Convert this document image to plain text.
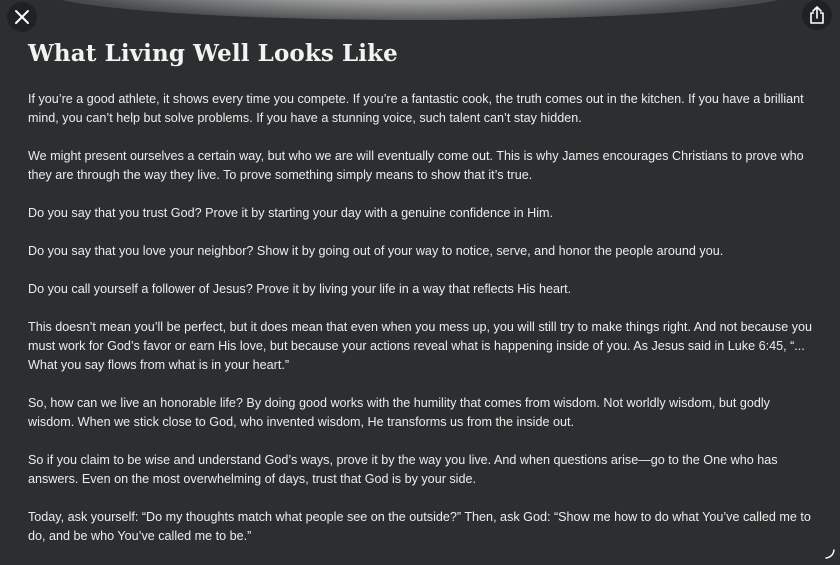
What Living Well Looks Like

If you’re a good athlete, it shows every time you compete. If you’re a fantastic cook, the truth comes out in the kitchen. If you have a brilliant mind, you can’t help but solve problems. If you have a stunning voice, such talent can’t stay hidden.

We might present ourselves a certain way, but who we are will eventually come out. This is why James encourages Christians to prove who they are through the way they live. To prove something simply means to show that it’s true.

Do you say that you trust God? Prove it by starting your day with a genuine confidence in Him.

Do you say that you love your neighbor? Show it by going out of your way to notice, serve, and honor the people around you.

Do you call yourself a follower of Jesus? Prove it by living your life in a way that reflects His heart.

This doesn’t mean you’ll be perfect, but it does mean that even when you mess up, you will still try to make things right. And not because you must work for God’s favor or earn His love, but because your actions reveal what is happening inside of you. As Jesus said in Luke 6:45, “... What you say flows from what is in your heart.”

So, how can we live an honorable life? By doing good works with the humility that comes from wisdom. Not worldly wisdom, but godly wisdom. When we stick close to God, who invented wisdom, He transforms us from the inside out.

So if you claim to be wise and understand God’s ways, prove it by the way you live. And when questions arise—go to the One who has answers. Even on the most overwhelming of days, trust that God is by your side.

Today, ask yourself: “Do my thoughts match what people see on the outside?” Then, ask God: “Show me how to do what You’ve called me to do, and be who You’ve called me to be.”
